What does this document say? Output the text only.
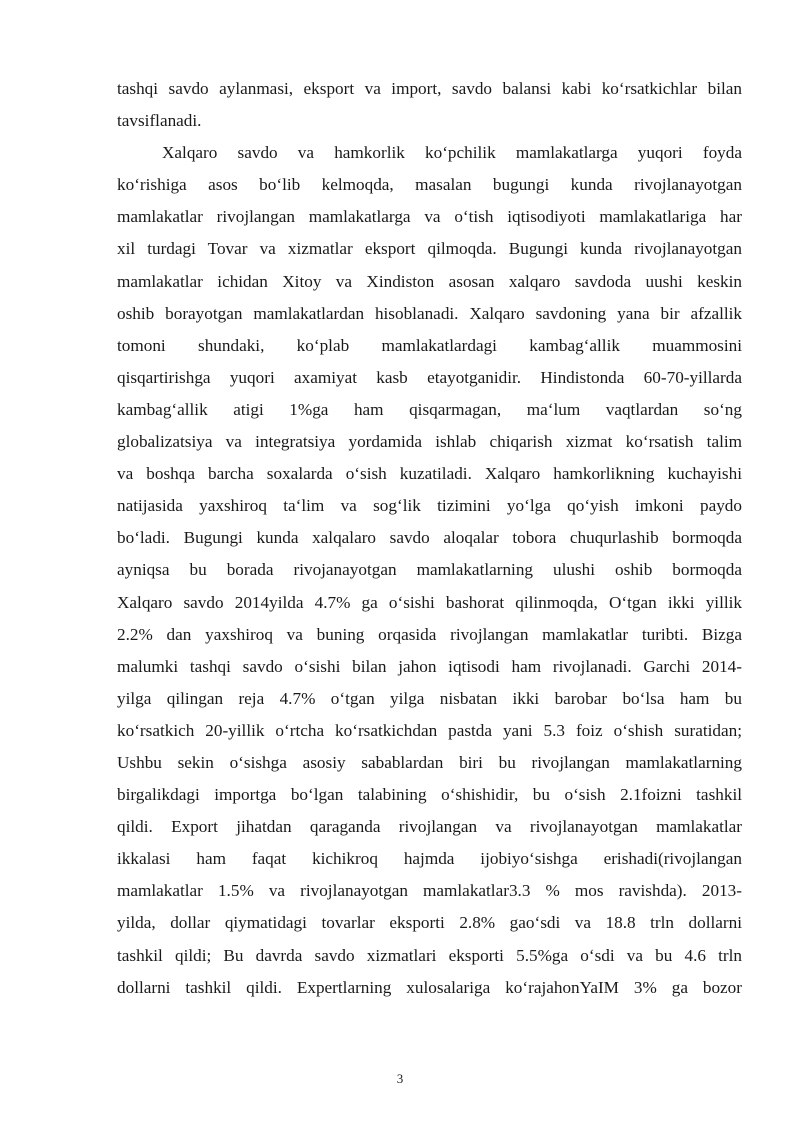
tashqi savdo aylanmasi, eksport va import, savdo balansi kabi ko‘rsatkichlar bilan
tavsiflanadi.
Xalqaro savdo va hamkorlik ko‘pchilik mamlakatlarga yuqori foyda
ko‘rishiga asos bo‘lib kelmoqda, masalan bugungi kunda rivojlanayotgan
mamlakatlar rivojlangan mamlakatlarga va o‘tish iqtisodiyoti mamlakatlariga har
xil turdagi Tovar va xizmatlar eksport qilmoqda. Bugungi kunda rivojlanayotgan
mamlakatlar ichidan Xitoy va Xindiston asosan xalqaro savdoda uushi keskin
oshib borayotgan mamlakatlardan hisoblanadi. Xalqaro savdoning yana bir afzallik
tomoni shundaki, ko‘plab mamlakatlardagi kambag‘allik muammosini
qisqartirishga yuqori axamiyat kasb etayotganidir. Hindistonda 60-70-yillarda
kambag‘allik atigi 1%ga ham qisqarmagan, ma‘lum vaqtlardan so‘ng
globalizatsiya va integratsiya yordamida ishlab chiqarish xizmat ko‘rsatish talim
va boshqa barcha soxalarda o‘sish kuzatiladi. Xalqaro hamkorlikning kuchayishi
natijasida yaxshiroq ta‘lim va sog‘lik tizimini yo‘lga qo‘yish imkoni paydo
bo‘ladi. Bugungi kunda xalqalaro savdo aloqalar tobora chuqurlashib bormoqda
ayniqsa bu borada rivojanayotgan mamlakatlarning ulushi oshib bormoqda
Xalqaro savdo 2014yilda 4.7% ga o‘sishi bashorat qilinmoqda, O‘tgan ikki yillik
2.2% dan yaxshiroq va buning orqasida rivojlangan mamlakatlar turibti. Bizga
malumki tashqi savdo o‘sishi bilan jahon iqtisodi ham rivojlanadi. Garchi 2014-
yilga qilingan reja 4.7% o‘tgan yilga nisbatan ikki barobar bo‘lsa ham bu
ko‘rsatkich 20-yillik o‘rtcha ko‘rsatkichdan pastda yani 5.3 foiz o‘shish suratidan;
Ushbu sekin o‘sishga asosiy sabablardan biri bu rivojlangan mamlakatlarning
birgalikdagi importga bo‘lgan talabining o‘shishidir, bu o‘sish 2.1foizni tashkil
qildi. Export jihatdan qaraganda rivojlangan va rivojlanayotgan mamlakatlar
ikkalasi ham faqat kichikroq hajmda ijobiyo‘sishga erishadi(rivojlangan
mamlakatlar 1.5% va rivojlanayotgan mamlakatlar3.3 % mos ravishda). 2013-
yilda, dollar qiymatidagi tovarlar eksporti 2.8% gao‘sdi va 18.8 trln dollarni
tashkil qildi; Bu davrda savdo xizmatlari eksporti 5.5%ga o‘sdi va bu 4.6 trln
dollarni tashkil qildi. Expertlarning xulosalariga ko‘rajahonYaIM 3% ga bozor
3
